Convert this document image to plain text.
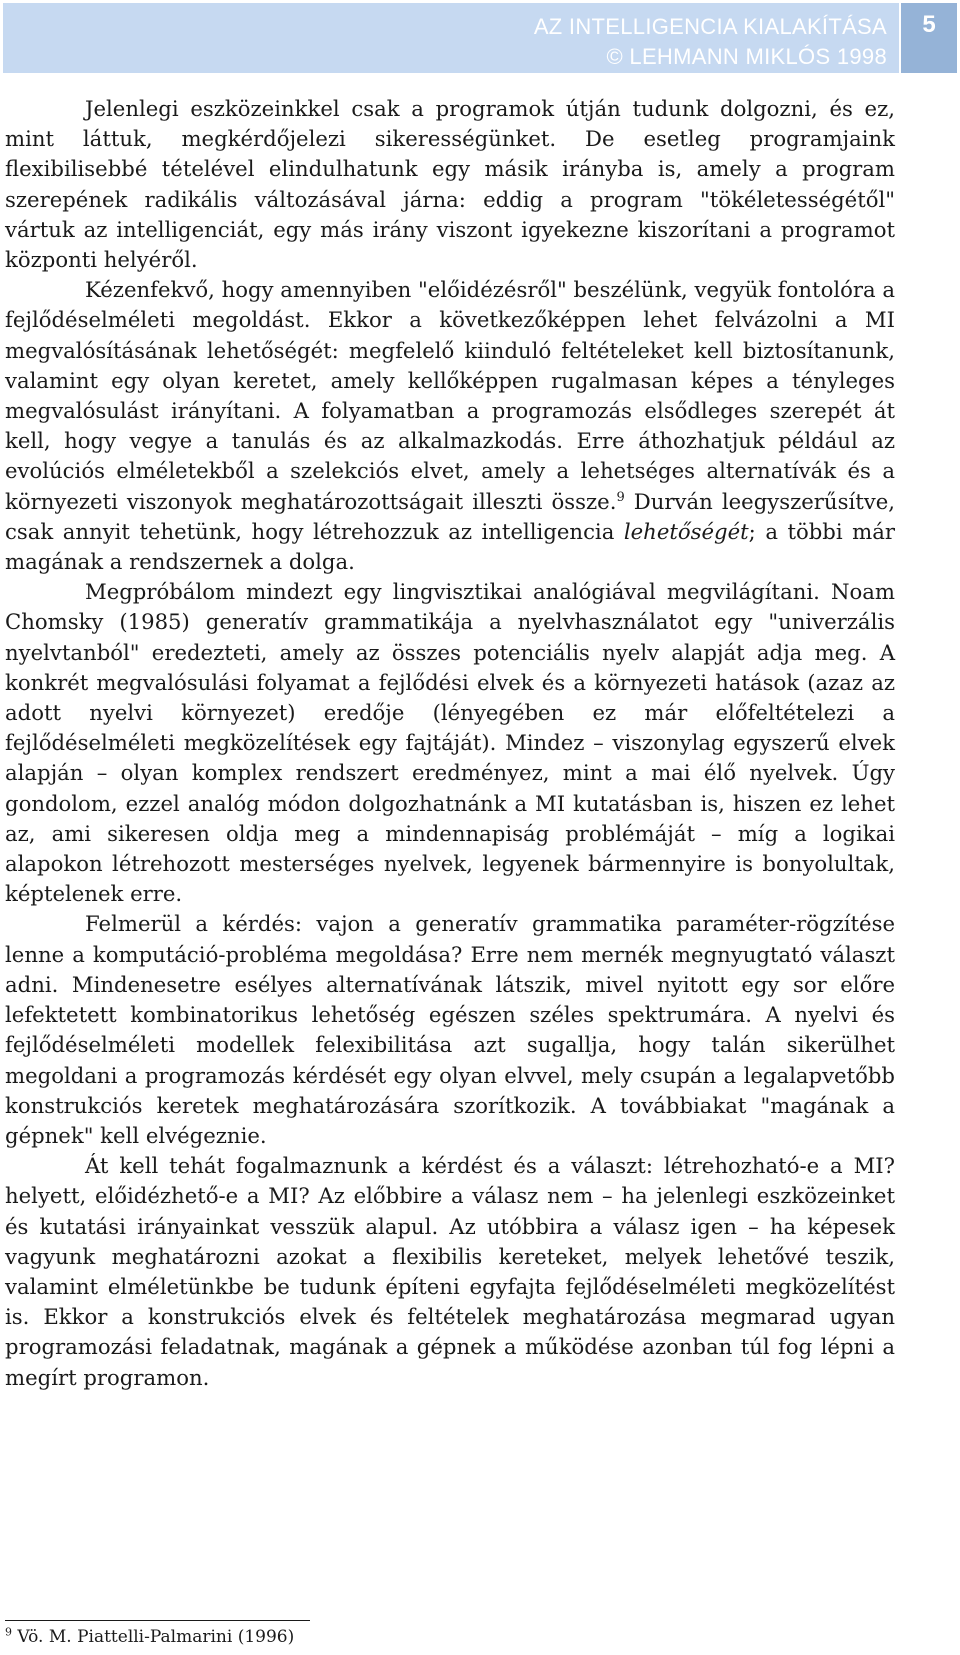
AZ INTELLIGENCIA KIALAKÍTÁSA
© LEHMANN MIKLÓS 1998
5

Jelenlegi eszközeinkkel csak a programok útján tudunk dolgozni, és ez, mint láttuk, megkérdőjelezi sikerességünket. De esetleg programjaink flexibilisebbé tételével elindulhatunk egy másik irányba is, amely a program szerepének radikális változásával járna: eddig a program "tökéletességétől" vártuk az intelligenciát, egy más irány viszont igyekezne kiszorítani a programot központi helyéről.

Kézenfekvő, hogy amennyiben "előidézésről" beszélünk, vegyük fontolóra a fejlődéselméleti megoldást. Ekkor a következőképpen lehet felvázolni a MI megvalósításának lehetőségét: megfelelő kiinduló feltételeket kell biztosítanunk, valamint egy olyan keretet, amely kellőképpen rugalmasan képes a tényleges megvalósulást irányítani. A folyamatban a programozás elsődleges szerepét át kell, hogy vegye a tanulás és az alkalmazkodás. Erre áthozhatjuk például az evolúciós elméletekből a szelekciós elvet, amely a lehetséges alternatívák és a környezeti viszonyok meghatározottságait illeszti össze.$^9$ Durván leegyszerűsítve, csak annyit tehetünk, hogy létrehozzuk az intelligencia lehetőségét; a többi már magának a rendszernek a dolga.

Megpróbálom mindezt egy lingvisztikai analógiával megvilágítani. Noam Chomsky (1985) generatív grammatikája a nyelvhasználatot egy "univerzális nyelvtanból" eredezteti, amely az összes potenciális nyelv alapját adja meg. A konkrét megvalósulási folyamat a fejlődési elvek és a környezeti hatások (azaz az adott nyelvi környezet) eredője (lényegében ez már előfeltételezi a fejlődéselméleti megközelítések egy fajtáját). Mindez – viszonylag egyszerű elvek alapján – olyan komplex rendszert eredményez, mint a mai élő nyelvek. Úgy gondolom, ezzel analóg módon dolgozhatnánk a MI kutatásban is, hiszen ez lehet az, ami sikeresen oldja meg a mindennapiság problémáját – míg a logikai alapokon létrehozott mesterséges nyelvek, legyenek bármennyire is bonyolultak, képtelenek erre.

Felmerül a kérdés: vajon a generatív grammatika paraméter-rögzítése lenne a komputáció-probléma megoldása? Erre nem mernék megnyugtató választ adni. Mindenesetre esélyes alternatívának látszik, mivel nyitott egy sor előre lefektetett kombinatorikus lehetőség egészen széles spektrumára. A nyelvi és fejlődéselméleti modellek felexibilitása azt sugallja, hogy talán sikerülhet megoldani a programozás kérdését egy olyan elvvel, mely csupán a legalapvetőbb konstrukciós keretek meghatározására szorítkozik. A továbbiakat "magának a gépnek" kell elvégeznie.

Át kell tehát fogalmaznunk a kérdést és a választ: létrehozható-e a MI? helyett, előidézhető-e a MI? Az előbbire a válasz nem – ha jelenlegi eszközeinket és kutatási irányainkat vesszük alapul. Az utóbbira a válasz igen – ha képesek vagyunk meghatározni azokat a flexibilis kereteket, melyek lehetővé teszik, valamint elméletünkbe be tudunk építeni egyfajta fejlődéselméleti megközelítést is. Ekkor a konstrukciós elvek és feltételek meghatározása megmarad ugyan programozási feladatnak, magának a gépnek a működése azonban túl fog lépni a megírt programon.

$^9$ Vö. M. Piattelli-Palmarini (1996)
